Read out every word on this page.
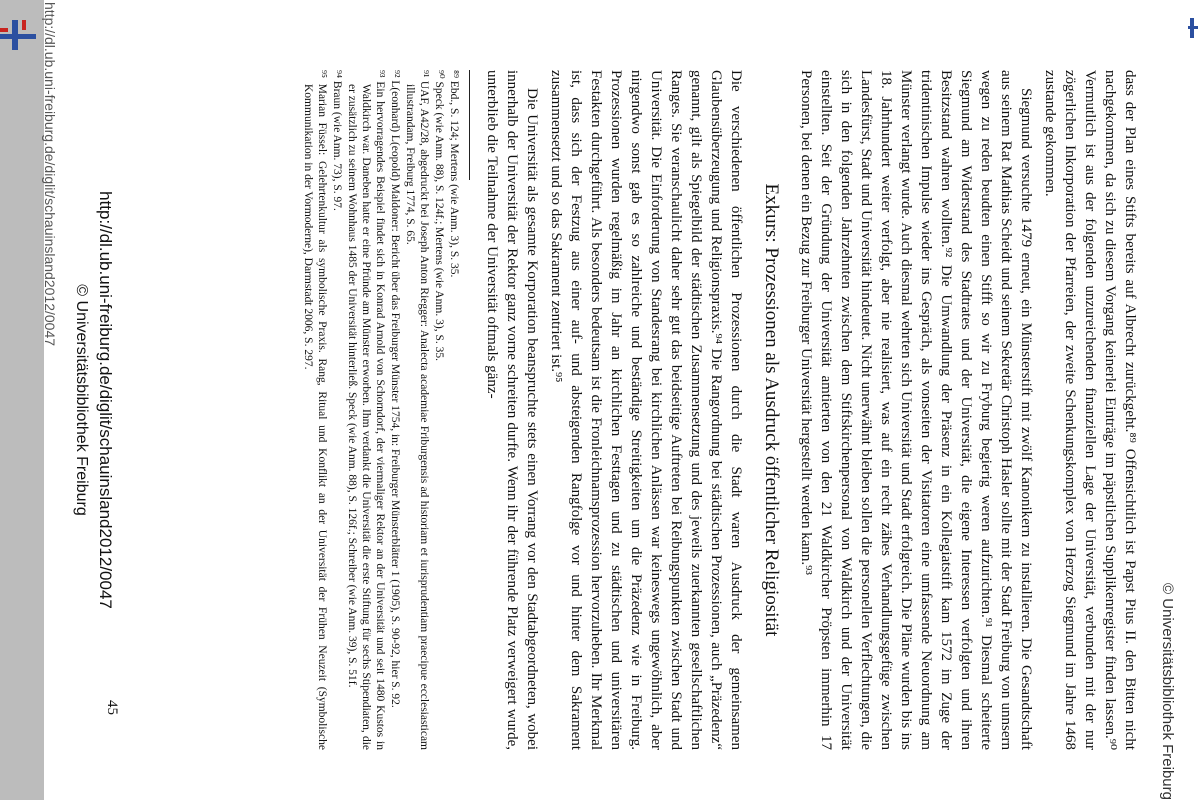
http://dl.ub.uni-freiburg.de/diglit/schauinsland2012/0047
© Universitätsbibliothek Freiburg

dass der Plan eines Stifts bereits auf Albrecht zurückgeht.⁸⁹ Offensichtlich ist Papst Pius II. den Bitten nicht nachgekommen, da sich zu diesem Vorgang keinerlei Einträge im päpstlichen Supplikenregister finden lassen.⁹⁰ Vermutlich ist aus der folgenden unzureichenden finanziellen Lage der Universität, verbunden mit der nur zögerlichen Inkorporation der Pfarreien, der zweite Schenkungskomplex von Herzog Siegmund im Jahre 1468 zustande gekommen.

Siegmund versuchte 1479 erneut, ein Münsterstift mit zwölf Kanonikern zu installieren. Die Gesandtschaft aus seinem Rat Mathias Scheidt und seinem Sekretär Christoph Hasler sollte mit der Stadt Freiburg von unnsern wegen zu reden beudten einen Stifft so wir zu Fryburg begierig weren aufzurichten.⁹¹ Diesmal scheiterte Siegmund am Widerstand des Stadtrates und der Universität, die eigene Interessen verfolgten und ihren Besitzstand wahren wollten.⁹² Die Umwandlung der Präsenz in ein Kollegiatstift kam 1572 im Zuge der tridentinischen Impulse wieder ins Gespräch, als vonseiten der Visitatoren eine umfassende Neuordnung am Münster verlangt wurde. Auch diesmal wehrten sich Universität und Stadt erfolgreich. Die Pläne wurden bis ins 18. Jahrhundert weiter verfolgt, aber nie realisiert, was auf ein recht zähes Verhandlungsgefüge zwischen Landesfürst, Stadt und Universität hindeutet. Nicht unerwähnt bleiben sollen die personellen Verflechtungen, die sich in den folgenden Jahrzehnten zwischen dem Stiftskirchenpersonal von Waldkirch und der Universität einstellten. Seit der Gründung der Universität amtierten von den 21 Waldkircher Pröpsten immerhin 17 Personen, bei denen ein Bezug zur Freiburger Universität hergestellt werden kann.⁹³

Exkurs: Prozessionen als Ausdruck öffentlicher Religiosität

Die verschiedenen öffentlichen Prozessionen durch die Stadt waren Ausdruck der gemeinsamen Glaubensüberzeugung und Religionspraxis.⁹⁴ Die Rangordnung bei städtischen Prozessionen, auch „Präzedenz“ genannt, gilt als Spiegelbild der städtischen Zusammensetzung und des jeweils zuerkannten gesellschaftlichen Ranges. Sie veranschaulicht daher sehr gut das beidseitige Auftreten bei Reibungspunkten zwischen Stadt und Universität. Die Einforderung von Standesrang bei kirchlichen Anlässen war keineswegs ungewöhnlich, aber nirgendwo sonst gab es so zahlreiche und beständige Streitigkeiten um die Präzedenz wie in Freiburg. Prozessionen wurden regelmäßig im Jahr an kirchlichen Festtagen und zu städtischen und universitären Festakten durchgeführt. Als besonders bedeutsam ist die Fronleichnamsprozession hervorzuheben. Ihr Merkmal ist, dass sich der Festzug aus einer auf- und absteigenden Rangfolge vor und hinter dem Sakrament zusammensetzt und so das Sakrament zentriert ist.⁹⁵

Die Universität als gesamte Korporation beanspruchte stets einen Vorrang vor den Stadtabgeordneten, wobei innerhalb der Universität der Rektor ganz vorne schreiten durfte. Wenn ihr der führende Platz verweigert wurde, unterblieb die Teilnahme der Universität oftmals gänz-

⁸⁹ Ebd., S. 124; Mertens (wie Anm. 3), S. 35.
⁹⁰ Speck (wie Anm. 88), S. 124f.; Mertens (wie Anm. 3), S. 35.
⁹¹ UAF, A42/28, abgedruckt bei Joseph Anton Riegger: Analecta academiae Friburgensis ad historiam et iurisprudentiam praecipue ecclesiasticam illustrandam, Freiburg 1774, S. 65.
⁹² L(eonhard) L(eopold) Maldoner: Bericht über das Freiburger Münster 1754, in: Freiburger Münsterblätter 1 (1905), S. 90-92, hier S. 92.
⁹³ Ein hervorragendes Beispiel findet sich in Konrad Arnold von Schorndorf, der viermaliger Rektor an der Universität und seit 1480 Kustos in Waldkirch war. Daneben hatte er eine Pfründe am Münster erworben. Ihm verdankt die Universität die erste Stiftung für sechs Stipendiaten, die er zusätzlich zu seinem Wohnhaus 1485 der Universität hinterließ. Speck (wie Anm. 88), S. 126f.; Schreiber (wie Anm. 39), S. 51f.
⁹⁴ Braun (wie Anm. 73), S. 97.
⁹⁵ Marian Füssel: Gelehrtenkultur als symbolische Praxis. Rang, Ritual und Konflikt an der Universität der Frühen Neuzeit (Symbolische Kommunikation in der Vormoderne), Darmstadt 2006, S. 297.
45
http://dl.ub.uni-freiburg.de/diglit/schauinsland2012/0047
© Universitätsbibliothek Freiburg
